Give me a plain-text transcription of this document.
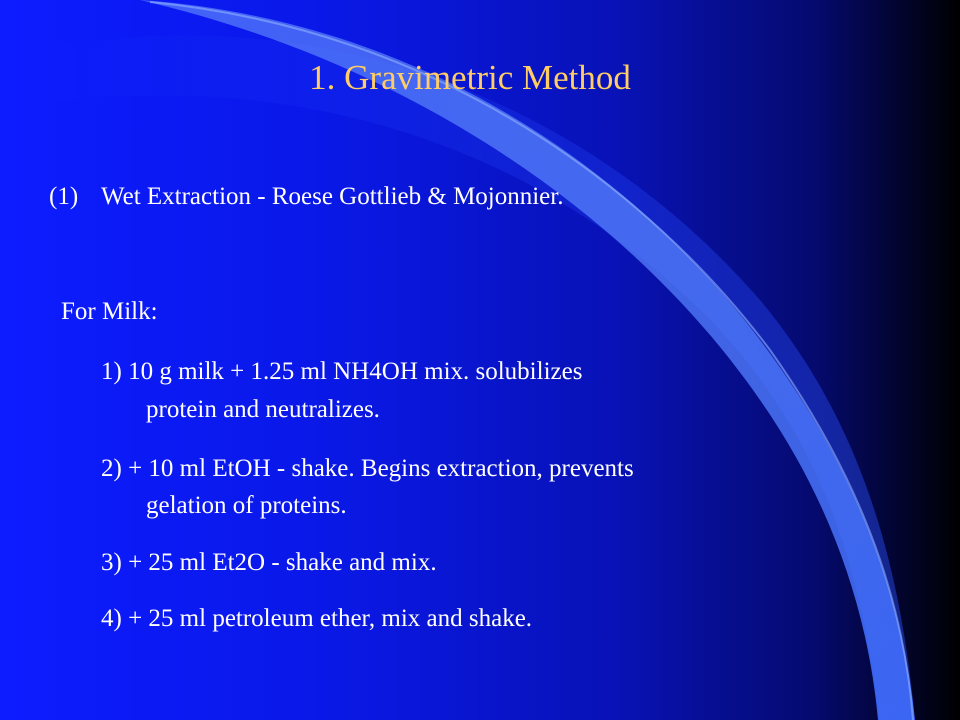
1. Gravimetric Method

(1) Wet Extraction - Roese Gottlieb & Mojonnier.

For Milk:

1) 10 g milk + 1.25 ml NH4OH mix. solubilizes

protein and neutralizes.

2) + 10 ml EtOH - shake. Begins extraction, prevents

gelation of proteins.

3) + 25 ml Et2O - shake and mix.

4) + 25 ml petroleum ether, mix and shake.
